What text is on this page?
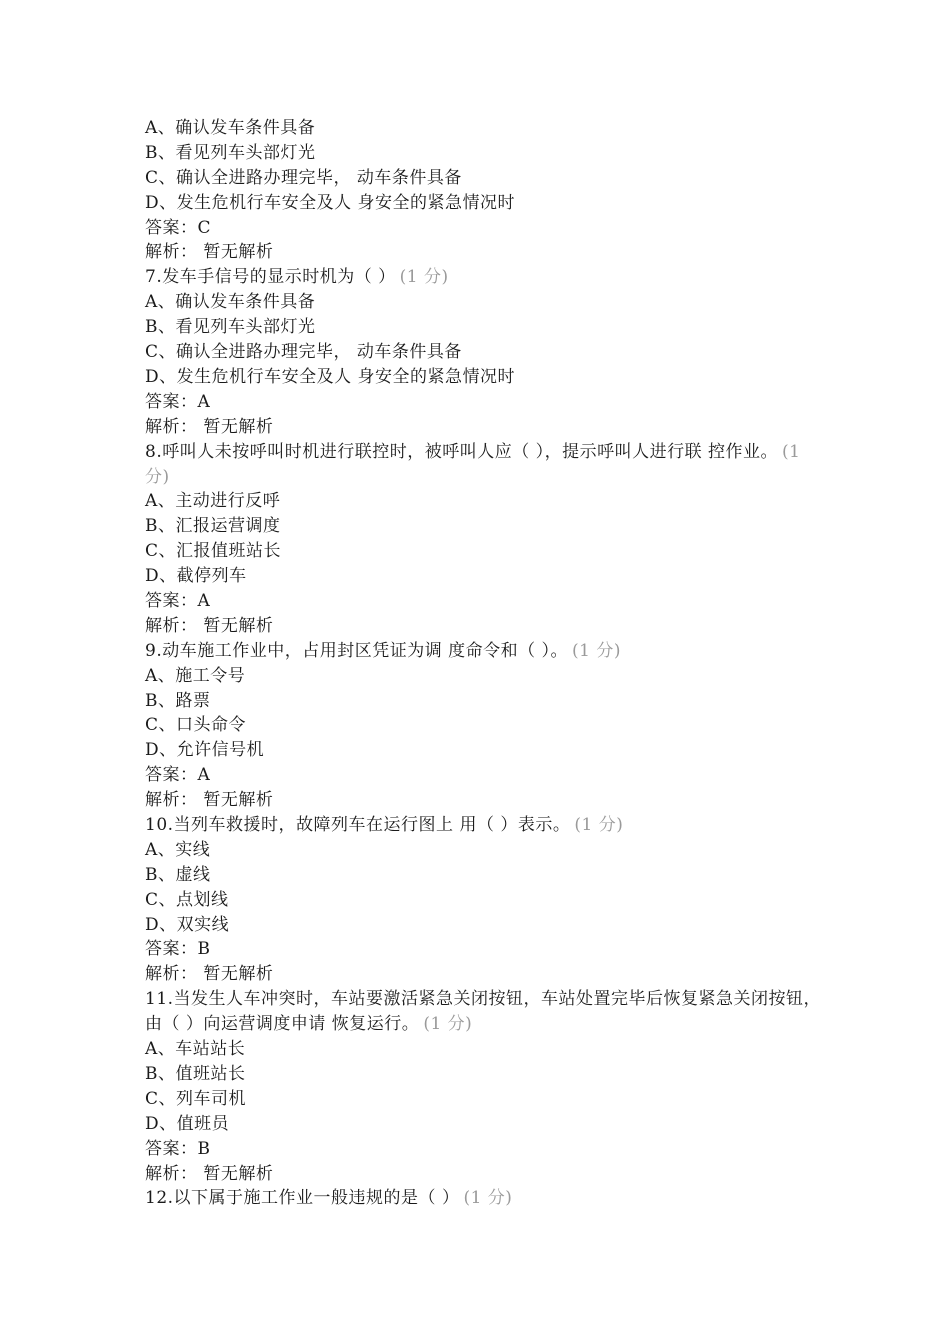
A、确认发车条件具备
B、看见列车头部灯光
C、确认全进路办理完毕， 动车条件具备
D、发生危机行车安全及人 身安全的紧急情况时
答案：C
解析： 暂无解析
7.发车手信号的显示时机为（ ） (1 分)
A、确认发车条件具备
B、看见列车头部灯光
C、确认全进路办理完毕， 动车条件具备
D、发生危机行车安全及人 身安全的紧急情况时
答案：A
解析： 暂无解析
8.呼叫人未按呼叫时机进行联控时，被呼叫人应（ ），提示呼叫人进行联 控作业。 (1 分)
A、主动进行反呼
B、汇报运营调度
C、汇报值班站长
D、截停列车
答案：A
解析： 暂无解析
9.动车施工作业中，占用封区凭证为调 度命令和（ ）。 (1 分)
A、施工令号
B、路票
C、口头命令
D、允许信号机
答案：A
解析： 暂无解析
10.当列车救援时，故障列车在运行图上 用（ ）表示。 (1 分)
A、实线
B、虚线
C、点划线
D、双实线
答案：B
解析： 暂无解析
11.当发生人车冲突时，车站要激活紧急关闭按钮，车站处置完毕后恢复紧急关闭按钮，由（ ）向运营调度申请 恢复运行。 (1 分)
A、车站站长
B、值班站长
C、列车司机
D、值班员
答案：B
解析： 暂无解析
12.以下属于施工作业一般违规的是（ ） (1 分)
